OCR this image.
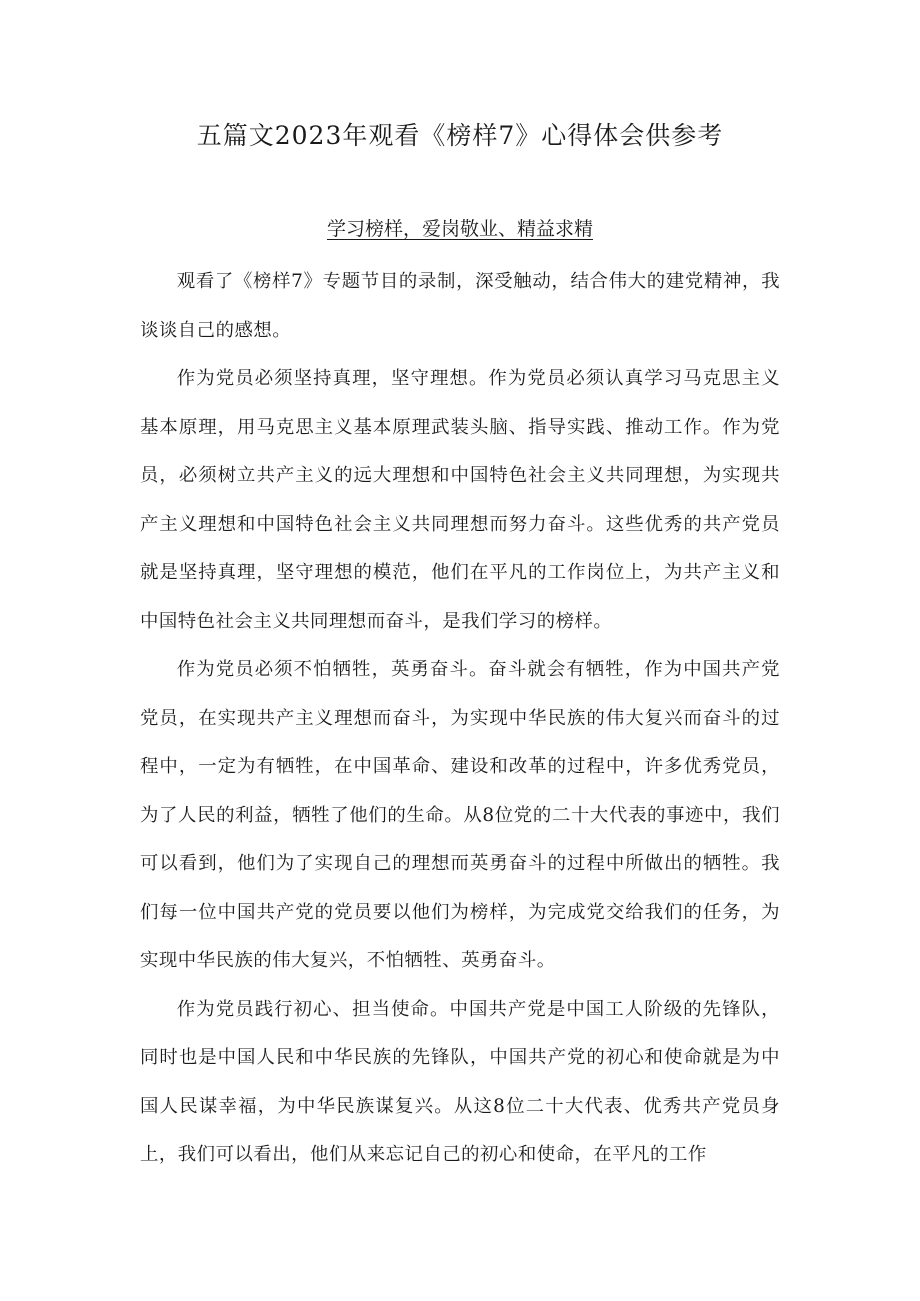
五篇文2023年观看《榜样7》心得体会供参考
学习榜样，爱岗敬业、精益求精

观看了《榜样7》专题节目的录制，深受触动，结合伟大的建党精神，我谈谈自己的感想。

作为党员必须坚持真理，坚守理想。作为党员必须认真学习马克思主义基本原理，用马克思主义基本原理武装头脑、指导实践、推动工作。作为党员，必须树立共产主义的远大理想和中国特色社会主义共同理想，为实现共产主义理想和中国特色社会主义共同理想而努力奋斗。这些优秀的共产党员就是坚持真理，坚守理想的模范，他们在平凡的工作岗位上，为共产主义和中国特色社会主义共同理想而奋斗，是我们学习的榜样。

作为党员必须不怕牺牲，英勇奋斗。奋斗就会有牺牲，作为中国共产党党员，在实现共产主义理想而奋斗，为实现中华民族的伟大复兴而奋斗的过程中，一定为有牺牲，在中国革命、建设和改革的过程中，许多优秀党员，为了人民的利益，牺牲了他们的生命。从8位党的二十大代表的事迹中，我们可以看到，他们为了实现自己的理想而英勇奋斗的过程中所做出的牺牲。我们每一位中国共产党的党员要以他们为榜样，为完成党交给我们的任务，为实现中华民族的伟大复兴，不怕牺牲、英勇奋斗。

作为党员践行初心、担当使命。中国共产党是中国工人阶级的先锋队，同时也是中国人民和中华民族的先锋队，中国共产党的初心和使命就是为中国人民谋幸福，为中华民族谋复兴。从这8位二十大代表、优秀共产党员身上，我们可以看出，他们从来忘记自己的初心和使命，在平凡的工作
